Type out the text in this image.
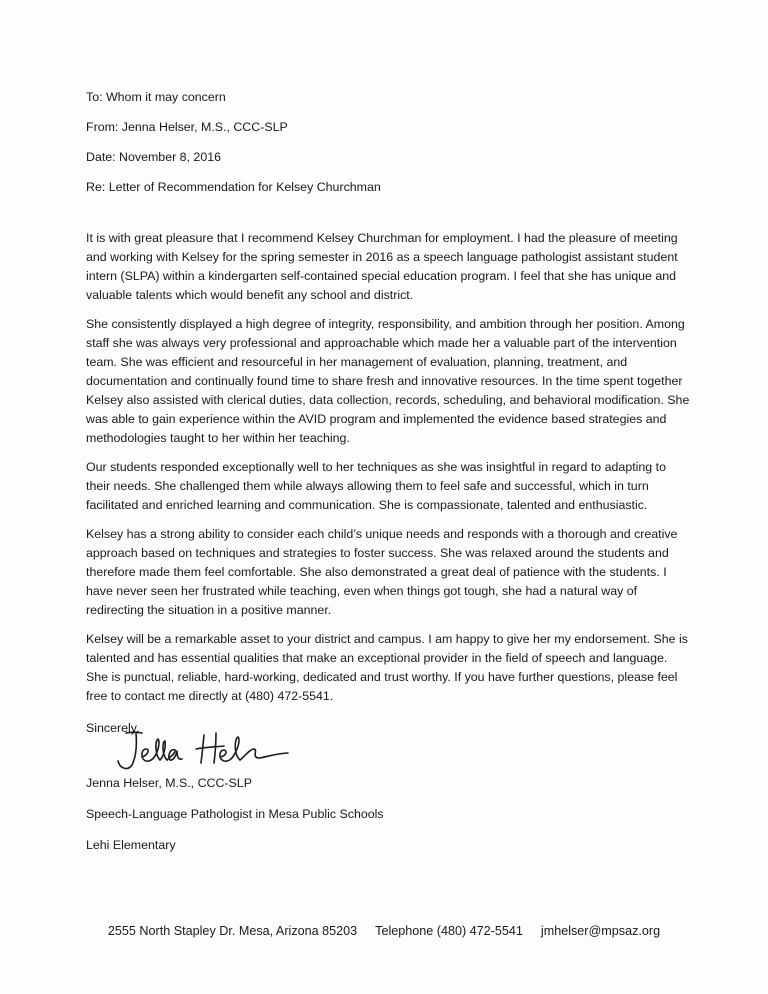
To: Whom it may concern

From: Jenna Helser, M.S., CCC-SLP

Date: November 8, 2016

Re: Letter of Recommendation for Kelsey Churchman

It is with great pleasure that I recommend Kelsey Churchman for employment. I had the pleasure of meeting and working with Kelsey for the spring semester in 2016 as a speech language pathologist assistant student intern (SLPA) within a kindergarten self-contained special education program. I feel that she has unique and valuable talents which would benefit any school and district.

She consistently displayed a high degree of integrity, responsibility, and ambition through her position. Among staff she was always very professional and approachable which made her a valuable part of the intervention team. She was efficient and resourceful in her management of evaluation, planning, treatment, and documentation and continually found time to share fresh and innovative resources. In the time spent together Kelsey also assisted with clerical duties, data collection, records, scheduling, and behavioral modification. She was able to gain experience within the AVID program and implemented the evidence based strategies and methodologies taught to her within her teaching.

Our students responded exceptionally well to her techniques as she was insightful in regard to adapting to their needs. She challenged them while always allowing them to feel safe and successful, which in turn facilitated and enriched learning and communication. She is compassionate, talented and enthusiastic.

Kelsey has a strong ability to consider each child’s unique needs and responds with a thorough and creative approach based on techniques and strategies to foster success. She was relaxed around the students and therefore made them feel comfortable. She also demonstrated a great deal of patience with the students. I have never seen her frustrated while teaching, even when things got tough, she had a natural way of redirecting the situation in a positive manner.

Kelsey will be a remarkable asset to your district and campus. I am happy to give her my endorsement. She is talented and has essential qualities that make an exceptional provider in the field of speech and language. She is punctual, reliable, hard-working, dedicated and trust worthy. If you have further questions, please feel free to contact me directly at (480) 472-5541.

Sincerely,

Jenna Helser, M.S., CCC-SLP

Speech-Language Pathologist in Mesa Public Schools

Lehi Elementary

2555 North Stapley Dr. Mesa, Arizona 85203 Telephone (480) 472-5541 jmhelser@mpsaz.org
